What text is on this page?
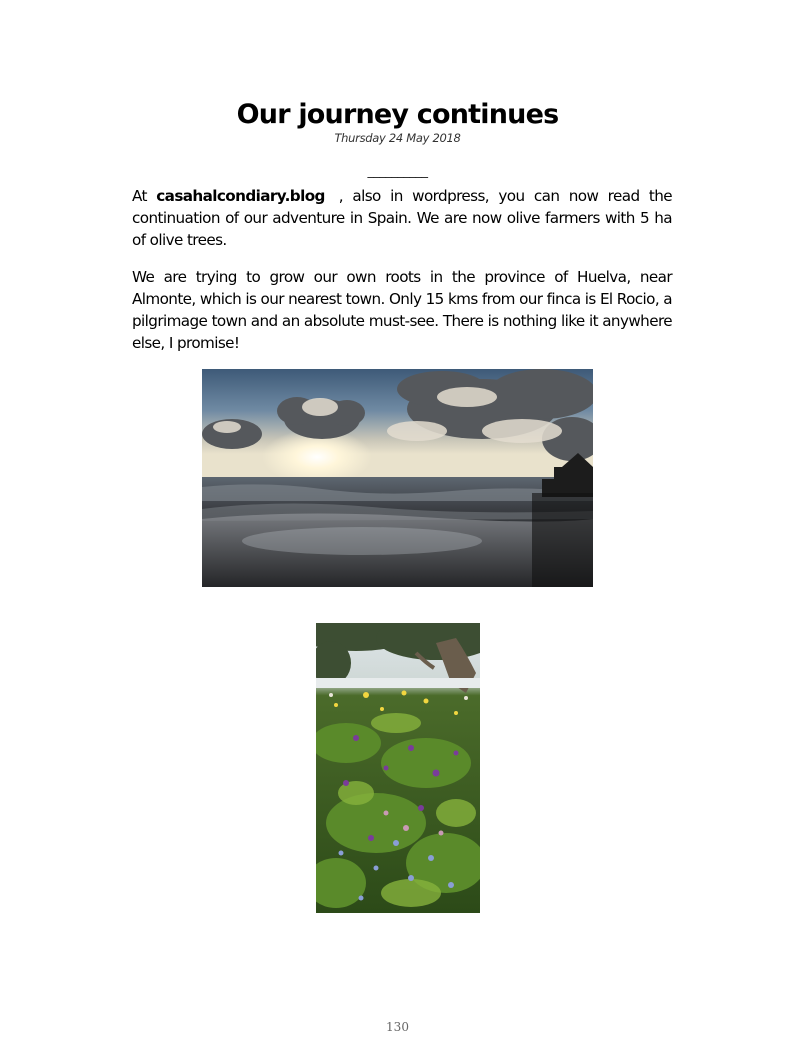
Our journey continues
Thursday 24 May 2018
__________

At casahalcondiary.blog , also in wordpress, you can now read the continuation of our adventure in Spain. We are now olive farmers with 5 ha of olive trees.

We are trying to grow our own roots in the province of Huelva, near Almonte, which is our nearest town. Only 15 kms from our finca is El Rocio, a pilgrimage town and an absolute must-see. There is nothing like it anywhere else, I promise!

130
